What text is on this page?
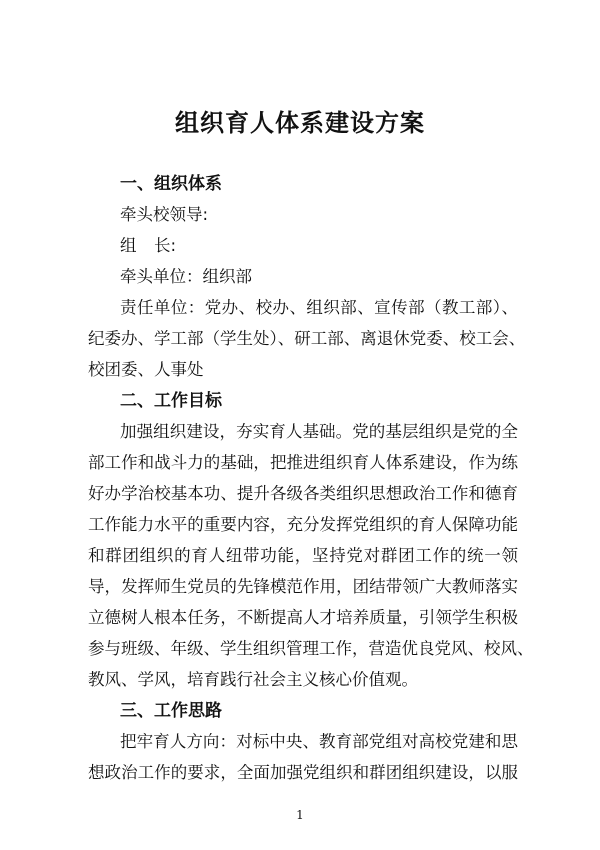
组织育人体系建设方案

一、组织体系

牵头校领导:

组 长:

牵头单位：组织部

责任单位：党办、校办、组织部、宣传部（教工部）、

纪委办、学工部（学生处）、研工部、离退休党委、校工会、

校团委、人事处

二、工作目标

加强组织建设，夯实育人基础。党的基层组织是党的全

部工作和战斗力的基础，把推进组织育人体系建设，作为练

好办学治校基本功、提升各级各类组织思想政治工作和德育

工作能力水平的重要内容，充分发挥党组织的育人保障功能

和群团组织的育人纽带功能，坚持党对群团工作的统一领

导，发挥师生党员的先锋模范作用，团结带领广大教师落实

立德树人根本任务，不断提高人才培养质量，引领学生积极

参与班级、年级、学生组织管理工作，营造优良党风、校风、

教风、学风，培育践行社会主义核心价值观。

三、工作思路

把牢育人方向：对标中央、教育部党组对高校党建和思

想政治工作的要求，全面加强党组织和群团组织建设，以服

1
